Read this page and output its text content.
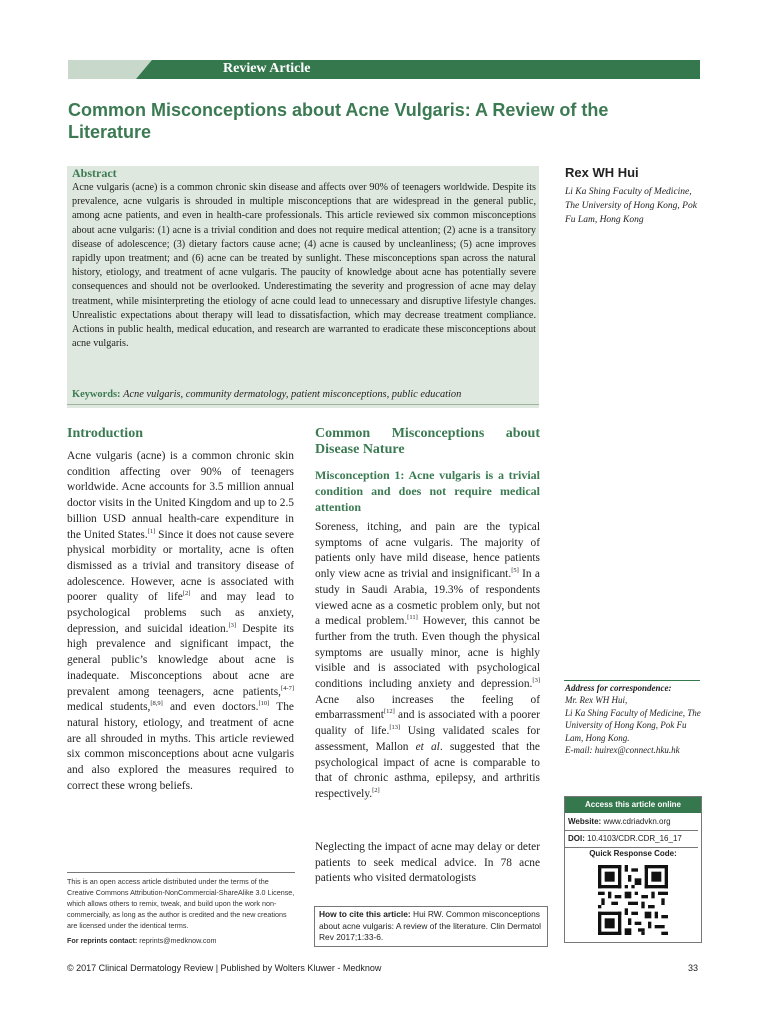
Review Article
Common Misconceptions about Acne Vulgaris: A Review of the Literature
Abstract
Acne vulgaris (acne) is a common chronic skin disease and affects over 90% of teenagers worldwide. Despite its prevalence, acne vulgaris is shrouded in multiple misconceptions that are widespread in the general public, among acne patients, and even in health-care professionals. This article reviewed six common misconceptions about acne vulgaris: (1) acne is a trivial condition and does not require medical attention; (2) acne is a transitory disease of adolescence; (3) dietary factors cause acne; (4) acne is caused by uncleanliness; (5) acne improves rapidly upon treatment; and (6) acne can be treated by sunlight. These misconceptions span across the natural history, etiology, and treatment of acne vulgaris. The paucity of knowledge about acne has potentially severe consequences and should not be overlooked. Underestimating the severity and progression of acne may delay treatment, while misinterpreting the etiology of acne could lead to unnecessary and disruptive lifestyle changes. Unrealistic expectations about therapy will lead to dissatisfaction, which may decrease treatment compliance. Actions in public health, medical education, and research are warranted to eradicate these misconceptions about acne vulgaris.
Keywords: Acne vulgaris, community dermatology, patient misconceptions, public education
Rex WH Hui
Li Ka Shing Faculty of Medicine, The University of Hong Kong, Pok Fu Lam, Hong Kong
Introduction
Acne vulgaris (acne) is a common chronic skin condition affecting over 90% of teenagers worldwide. Acne accounts for 3.5 million annual doctor visits in the United Kingdom and up to 2.5 billion USD annual health-care expenditure in the United States.[1] Since it does not cause severe physical morbidity or mortality, acne is often dismissed as a trivial and transitory disease of adolescence. However, acne is associated with poorer quality of life[2] and may lead to psychological problems such as anxiety, depression, and suicidal ideation.[3] Despite its high prevalence and significant impact, the general public’s knowledge about acne is inadequate. Misconceptions about acne are prevalent among teenagers, acne patients,[4-7] medical students,[8,9] and even doctors.[10] The natural history, etiology, and treatment of acne are all shrouded in myths. This article reviewed six common misconceptions about acne vulgaris and also explored the measures required to correct these wrong beliefs.
Common Misconceptions about Disease Nature
Misconception 1: Acne vulgaris is a trivial condition and does not require medical attention
Soreness, itching, and pain are the typical symptoms of acne vulgaris. The majority of patients only have mild disease, hence patients only view acne as trivial and insignificant.[5] In a study in Saudi Arabia, 19.3% of respondents viewed acne as a cosmetic problem only, but not a medical problem.[11] However, this cannot be further from the truth. Even though the physical symptoms are usually minor, acne is highly visible and is associated with psychological conditions including anxiety and depression.[3] Acne also increases the feeling of embarrassment[12] and is associated with a poorer quality of life.[13] Using validated scales for assessment, Mallon et al. suggested that the psychological impact of acne is comparable to that of chronic asthma, epilepsy, and arthritis respectively.[2]
Neglecting the impact of acne may delay or deter patients to seek medical advice. In 78 acne patients who visited dermatologists
Address for correspondence:
Mr. Rex WH Hui,
Li Ka Shing Faculty of Medicine, The University of Hong Kong, Pok Fu Lam, Hong Kong.
E-mail: huirex@connect.hku.hk
Access this article online
Website: www.cdriadvkn.org
DOI: 10.4103/CDR.CDR_16_17
Quick Response Code:
This is an open access article distributed under the terms of the Creative Commons Attribution-NonCommercial-ShareAlike 3.0 License, which allows others to remix, tweak, and build upon the work non-commercially, as long as the author is credited and the new creations are licensed under the identical terms.
For reprints contact: reprints@medknow.com
How to cite this article: Hui RW. Common misconceptions about acne vulgaris: A review of the literature. Clin Dermatol Rev 2017;1:33-6.
© 2017 Clinical Dermatology Review | Published by Wolters Kluwer - Medknow	33
